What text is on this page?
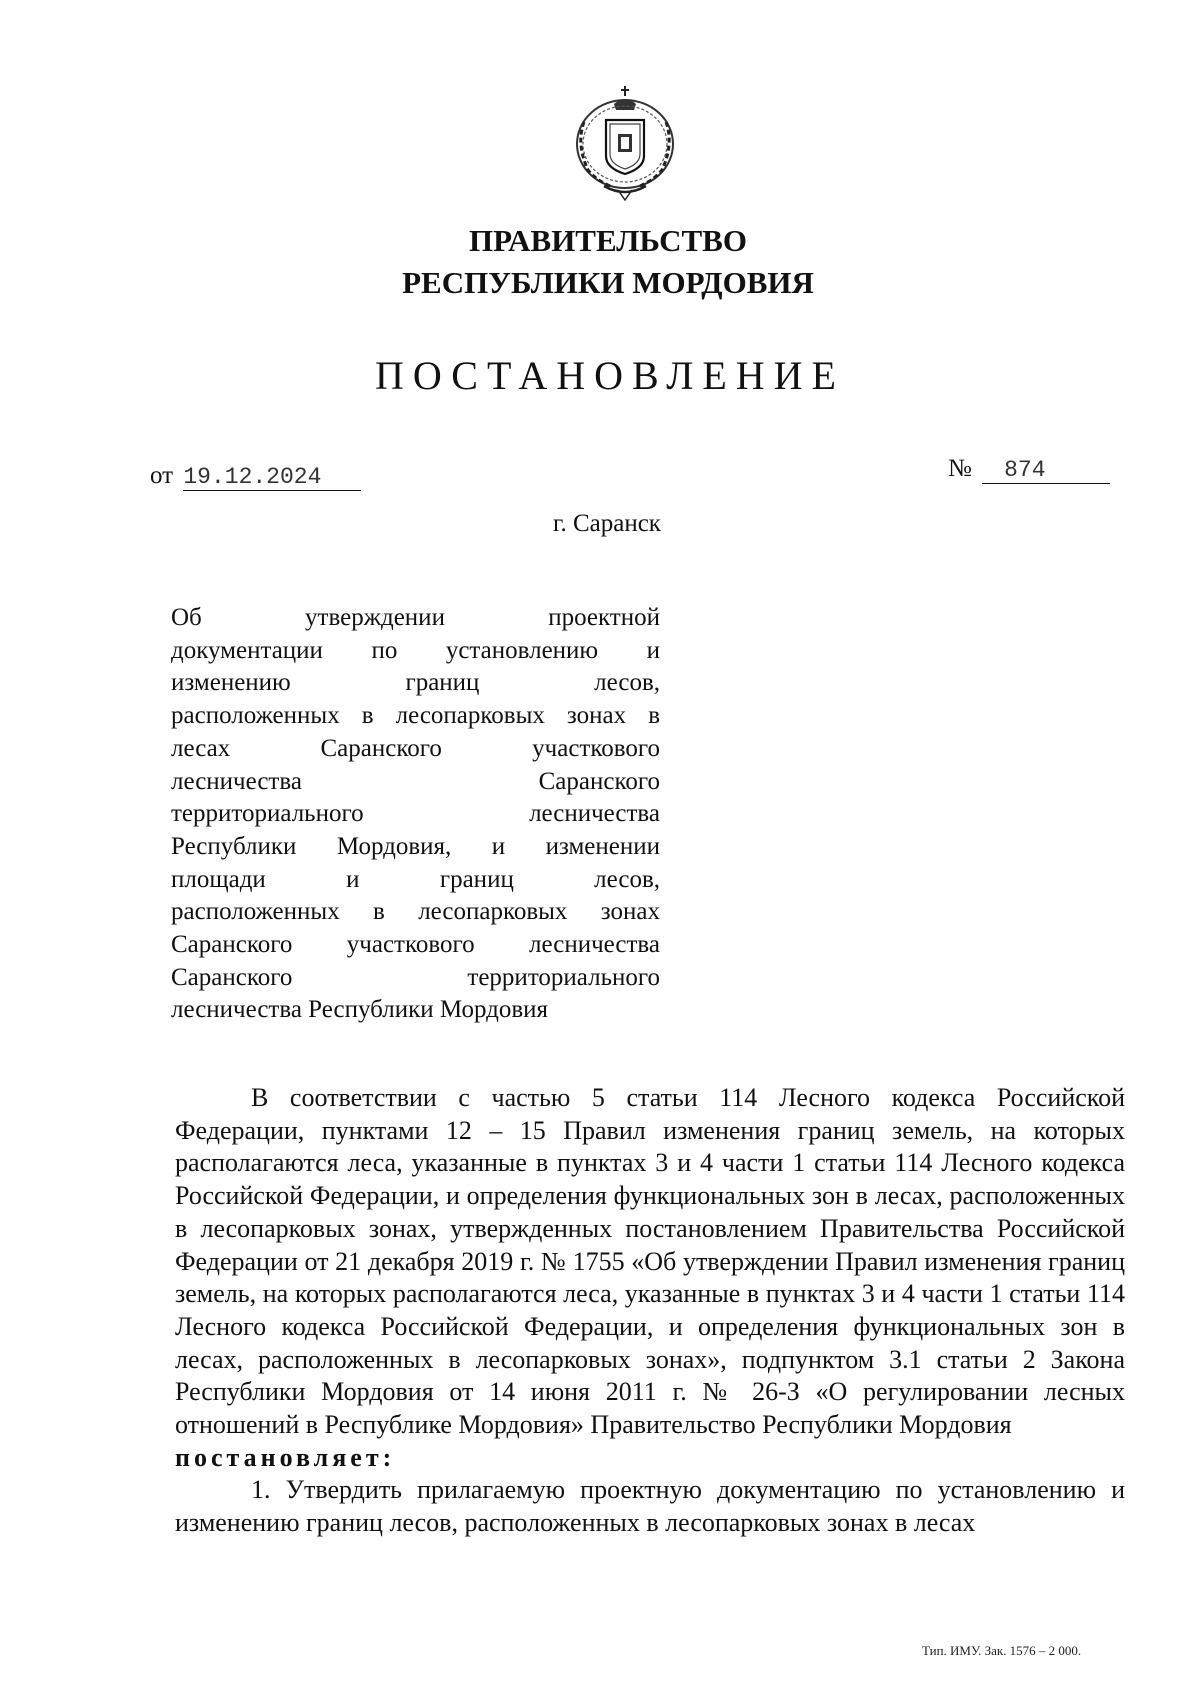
ПРАВИТЕЛЬСТВО
РЕСПУБЛИКИ МОРДОВИЯ
ПОСТАНОВЛЕНИЕ
от 19.12.2024	№ 874
г. Саранск
Об утверждении проектной
документации по установлению и
изменению границ лесов,
расположенных в лесопарковых зонах в
лесах Саранского участкового
лесничества Саранского
территориального лесничества
Республики Мордовия, и изменении
площади и границ лесов,
расположенных в лесопарковых зонах
Саранского участкового лесничества
Саранского территориального
лесничества Республики Мордовия

В соответствии с частью 5 статьи 114 Лесного кодекса Российской Федерации, пунктами 12 – 15 Правил изменения границ земель, на которых располагаются леса, указанные в пунктах 3 и 4 части 1 статьи 114 Лесного кодекса Российской Федерации, и определения функциональных зон в лесах, расположенных в лесопарковых зонах, утвержденных постановлением Правительства Российской Федерации от 21 декабря 2019 г. № 1755 «Об утверждении Правил изменения границ земель, на которых располагаются леса, указанные в пунктах 3 и 4 части 1 статьи 114 Лесного кодекса Российской Федерации, и определения функциональных зон в лесах, расположенных в лесопарковых зонах», подпунктом 3.1 статьи 2 Закона Республики Мордовия от 14 июня 2011 г. № 26-З «О регулировании лесных отношений в Республике Мордовия» Правительство Республики Мордовия

постановляет:

1. Утвердить прилагаемую проектную документацию по установлению и изменению границ лесов, расположенных в лесопарковых зонах в лесах

Тип. ИМУ. Зак. 1576 – 2 000.
